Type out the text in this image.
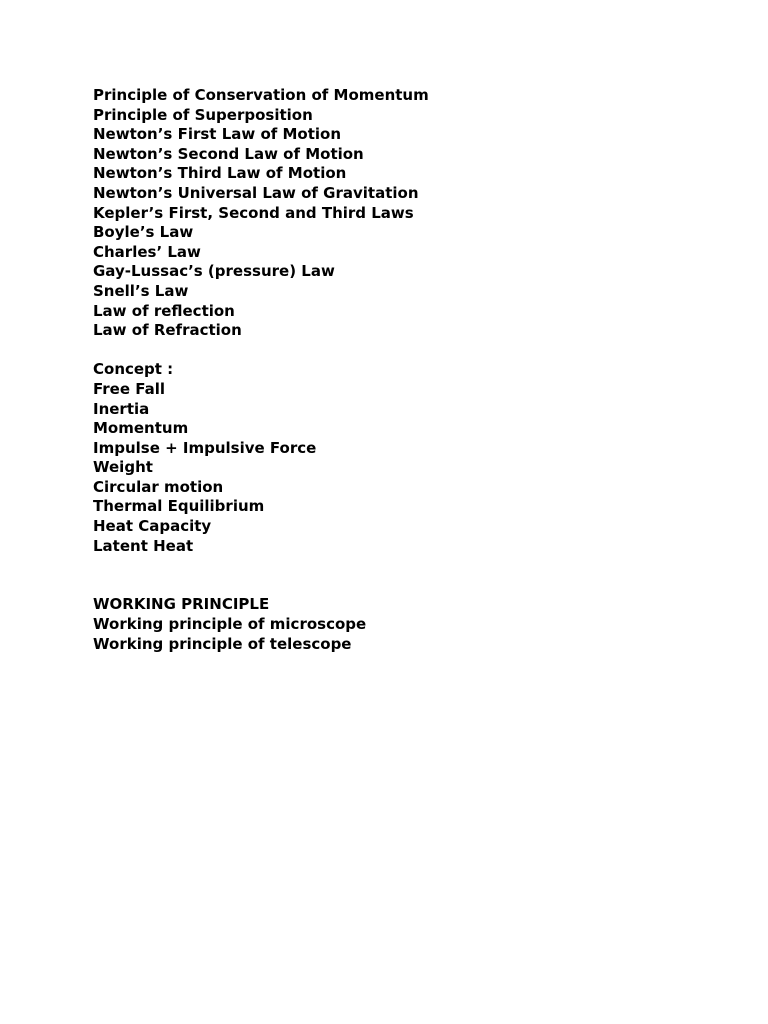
Principle of Conservation of Momentum

Principle of Superposition

Newton’s First Law of Motion

Newton’s Second Law of Motion

Newton’s Third Law of Motion

Newton’s Universal Law of Gravitation

Kepler’s First, Second and Third Laws

Boyle’s Law

Charles’ Law

Gay-Lussac’s (pressure) Law

Snell’s Law

Law of reflection

Law of Refraction

Concept :

Free Fall

Inertia

Momentum

Impulse + Impulsive Force

Weight

Circular motion

Thermal Equilibrium

Heat Capacity

Latent Heat

WORKING PRINCIPLE

Working principle of microscope

Working principle of telescope
